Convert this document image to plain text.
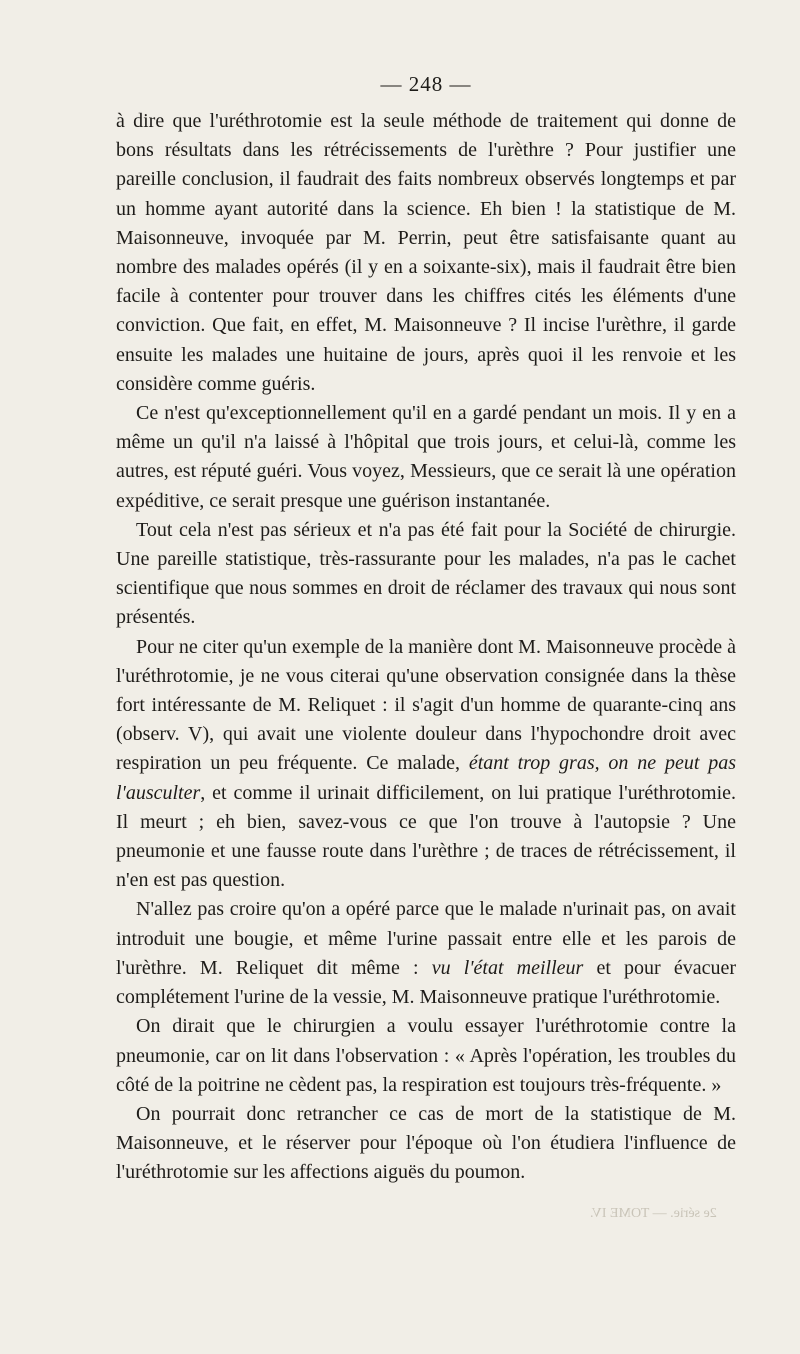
— 248 —

à dire que l'uréthrotomie est la seule méthode de traitement qui donne de bons résultats dans les rétrécissements de l'urèthre ? Pour justifier une pareille conclusion, il faudrait des faits nombreux observés longtemps et par un homme ayant autorité dans la science. Eh bien ! la statistique de M. Maisonneuve, invoquée par M. Perrin, peut être satisfaisante quant au nombre des malades opérés (il y en a soixante-six), mais il faudrait être bien facile à contenter pour trouver dans les chiffres cités les éléments d'une conviction. Que fait, en effet, M. Maisonneuve ? Il incise l'urèthre, il garde ensuite les malades une huitaine de jours, après quoi il les renvoie et les considère comme guéris.

Ce n'est qu'exceptionnellement qu'il en a gardé pendant un mois. Il y en a même un qu'il n'a laissé à l'hôpital que trois jours, et celui-là, comme les autres, est réputé guéri. Vous voyez, Messieurs, que ce serait là une opération expéditive, ce serait presque une guérison instantanée.

Tout cela n'est pas sérieux et n'a pas été fait pour la Société de chirurgie. Une pareille statistique, très-rassurante pour les malades, n'a pas le cachet scientifique que nous sommes en droit de réclamer des travaux qui nous sont présentés.

Pour ne citer qu'un exemple de la manière dont M. Maisonneuve procède à l'uréthrotomie, je ne vous citerai qu'une observation consignée dans la thèse fort intéressante de M. Reliquet : il s'agit d'un homme de quarante-cinq ans (observ. V), qui avait une violente douleur dans l'hypochondre droit avec respiration un peu fréquente. Ce malade, étant trop gras, on ne peut pas l'ausculter, et comme il urinait difficilement, on lui pratique l'uréthrotomie. Il meurt ; eh bien, savez-vous ce que l'on trouve à l'autopsie ? Une pneumonie et une fausse route dans l'urèthre ; de traces de rétrécissement, il n'en est pas question.

N'allez pas croire qu'on a opéré parce que le malade n'urinait pas, on avait introduit une bougie, et même l'urine passait entre elle et les parois de l'urèthre. M. Reliquet dit même : vu l'état meilleur et pour évacuer complétement l'urine de la vessie, M. Maisonneuve pratique l'uréthrotomie.

On dirait que le chirurgien a voulu essayer l'uréthrotomie contre la pneumonie, car on lit dans l'observation : « Après l'opération, les troubles du côté de la poitrine ne cèdent pas, la respiration est toujours très-fréquente. »

On pourrait donc retrancher ce cas de mort de la statistique de M. Maisonneuve, et le réserver pour l'époque où l'on étudiera l'influence de l'uréthrotomie sur les affections aiguës du poumon.

2e série. — TOME IV.
